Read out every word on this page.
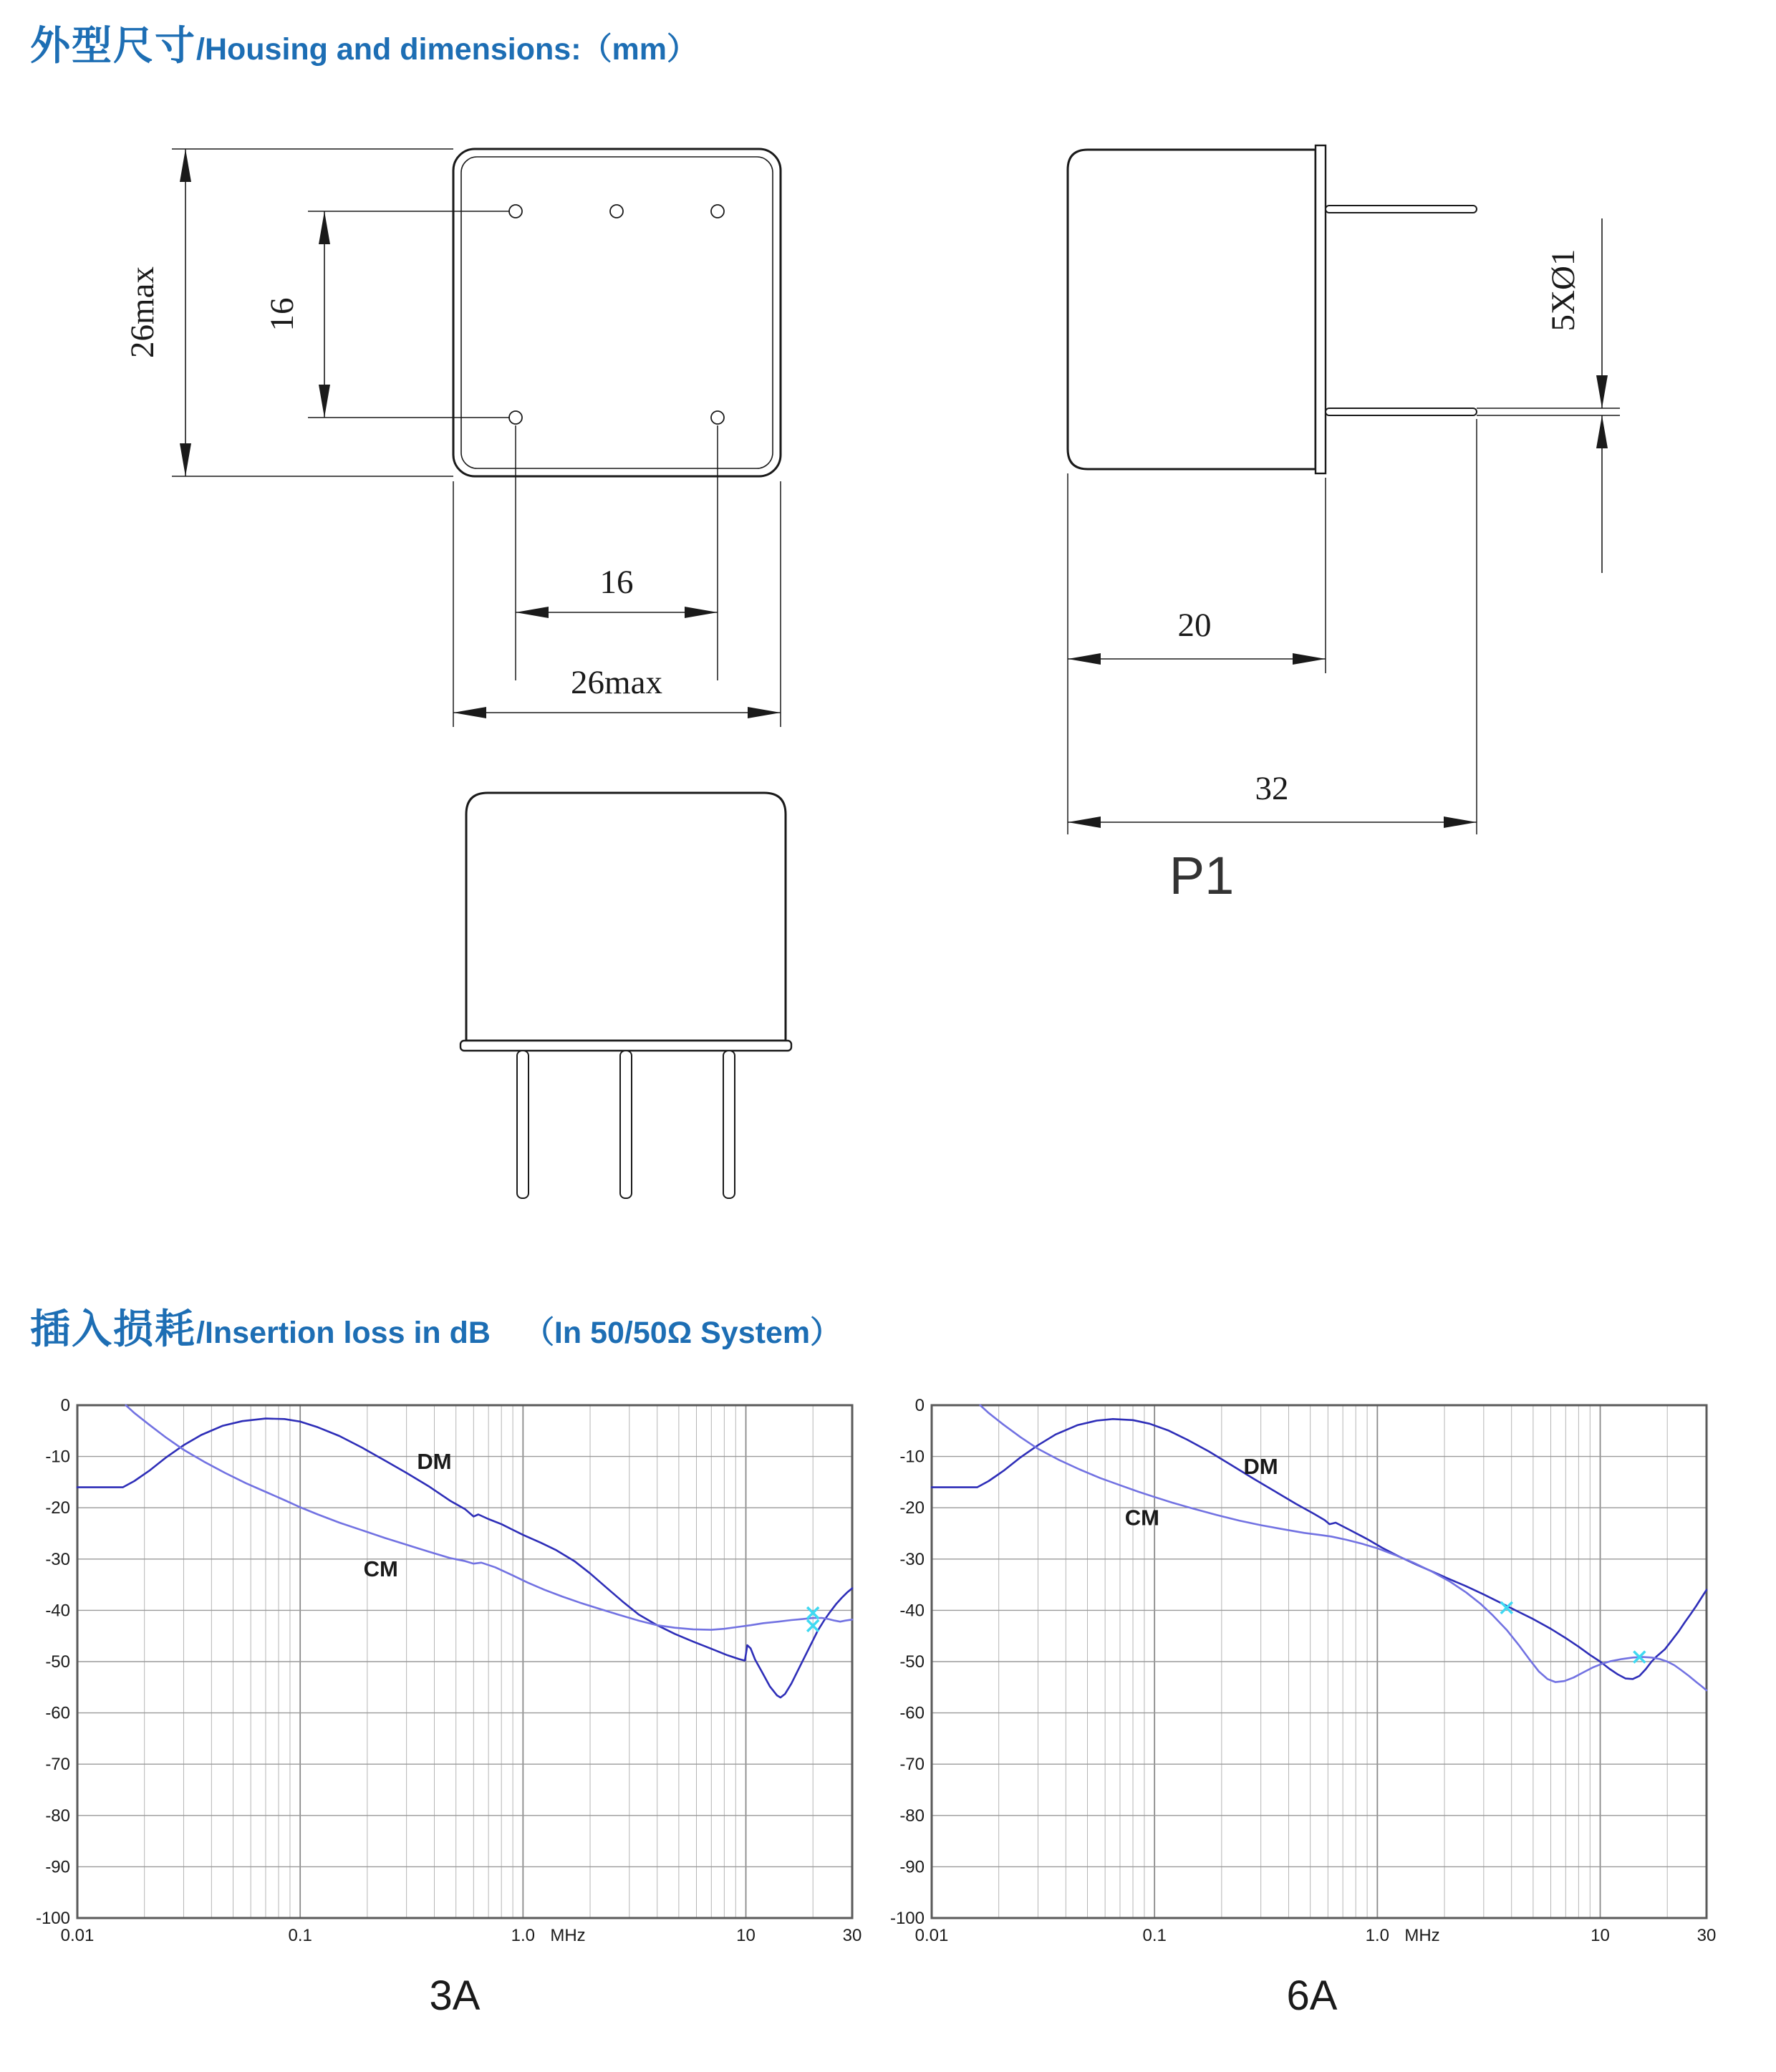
外型尺寸/Housing and dimensions:（mm）
26max	16
16
26max
5XØ1
20
32
P1
插入损耗/Insertion loss in dB （In 50/50Ω System）
0
-10
-20
-30
-40
-50
-60
-70
-80
-90
-100
0.01	0.1	1.0	10	30
MHz
DM
CM
3A
0
-10
-20
-30
-40
-50
-60
-70
-80
-90
-100
0.01	0.1	1.0	10	30
MHz
DM
CM
6A
